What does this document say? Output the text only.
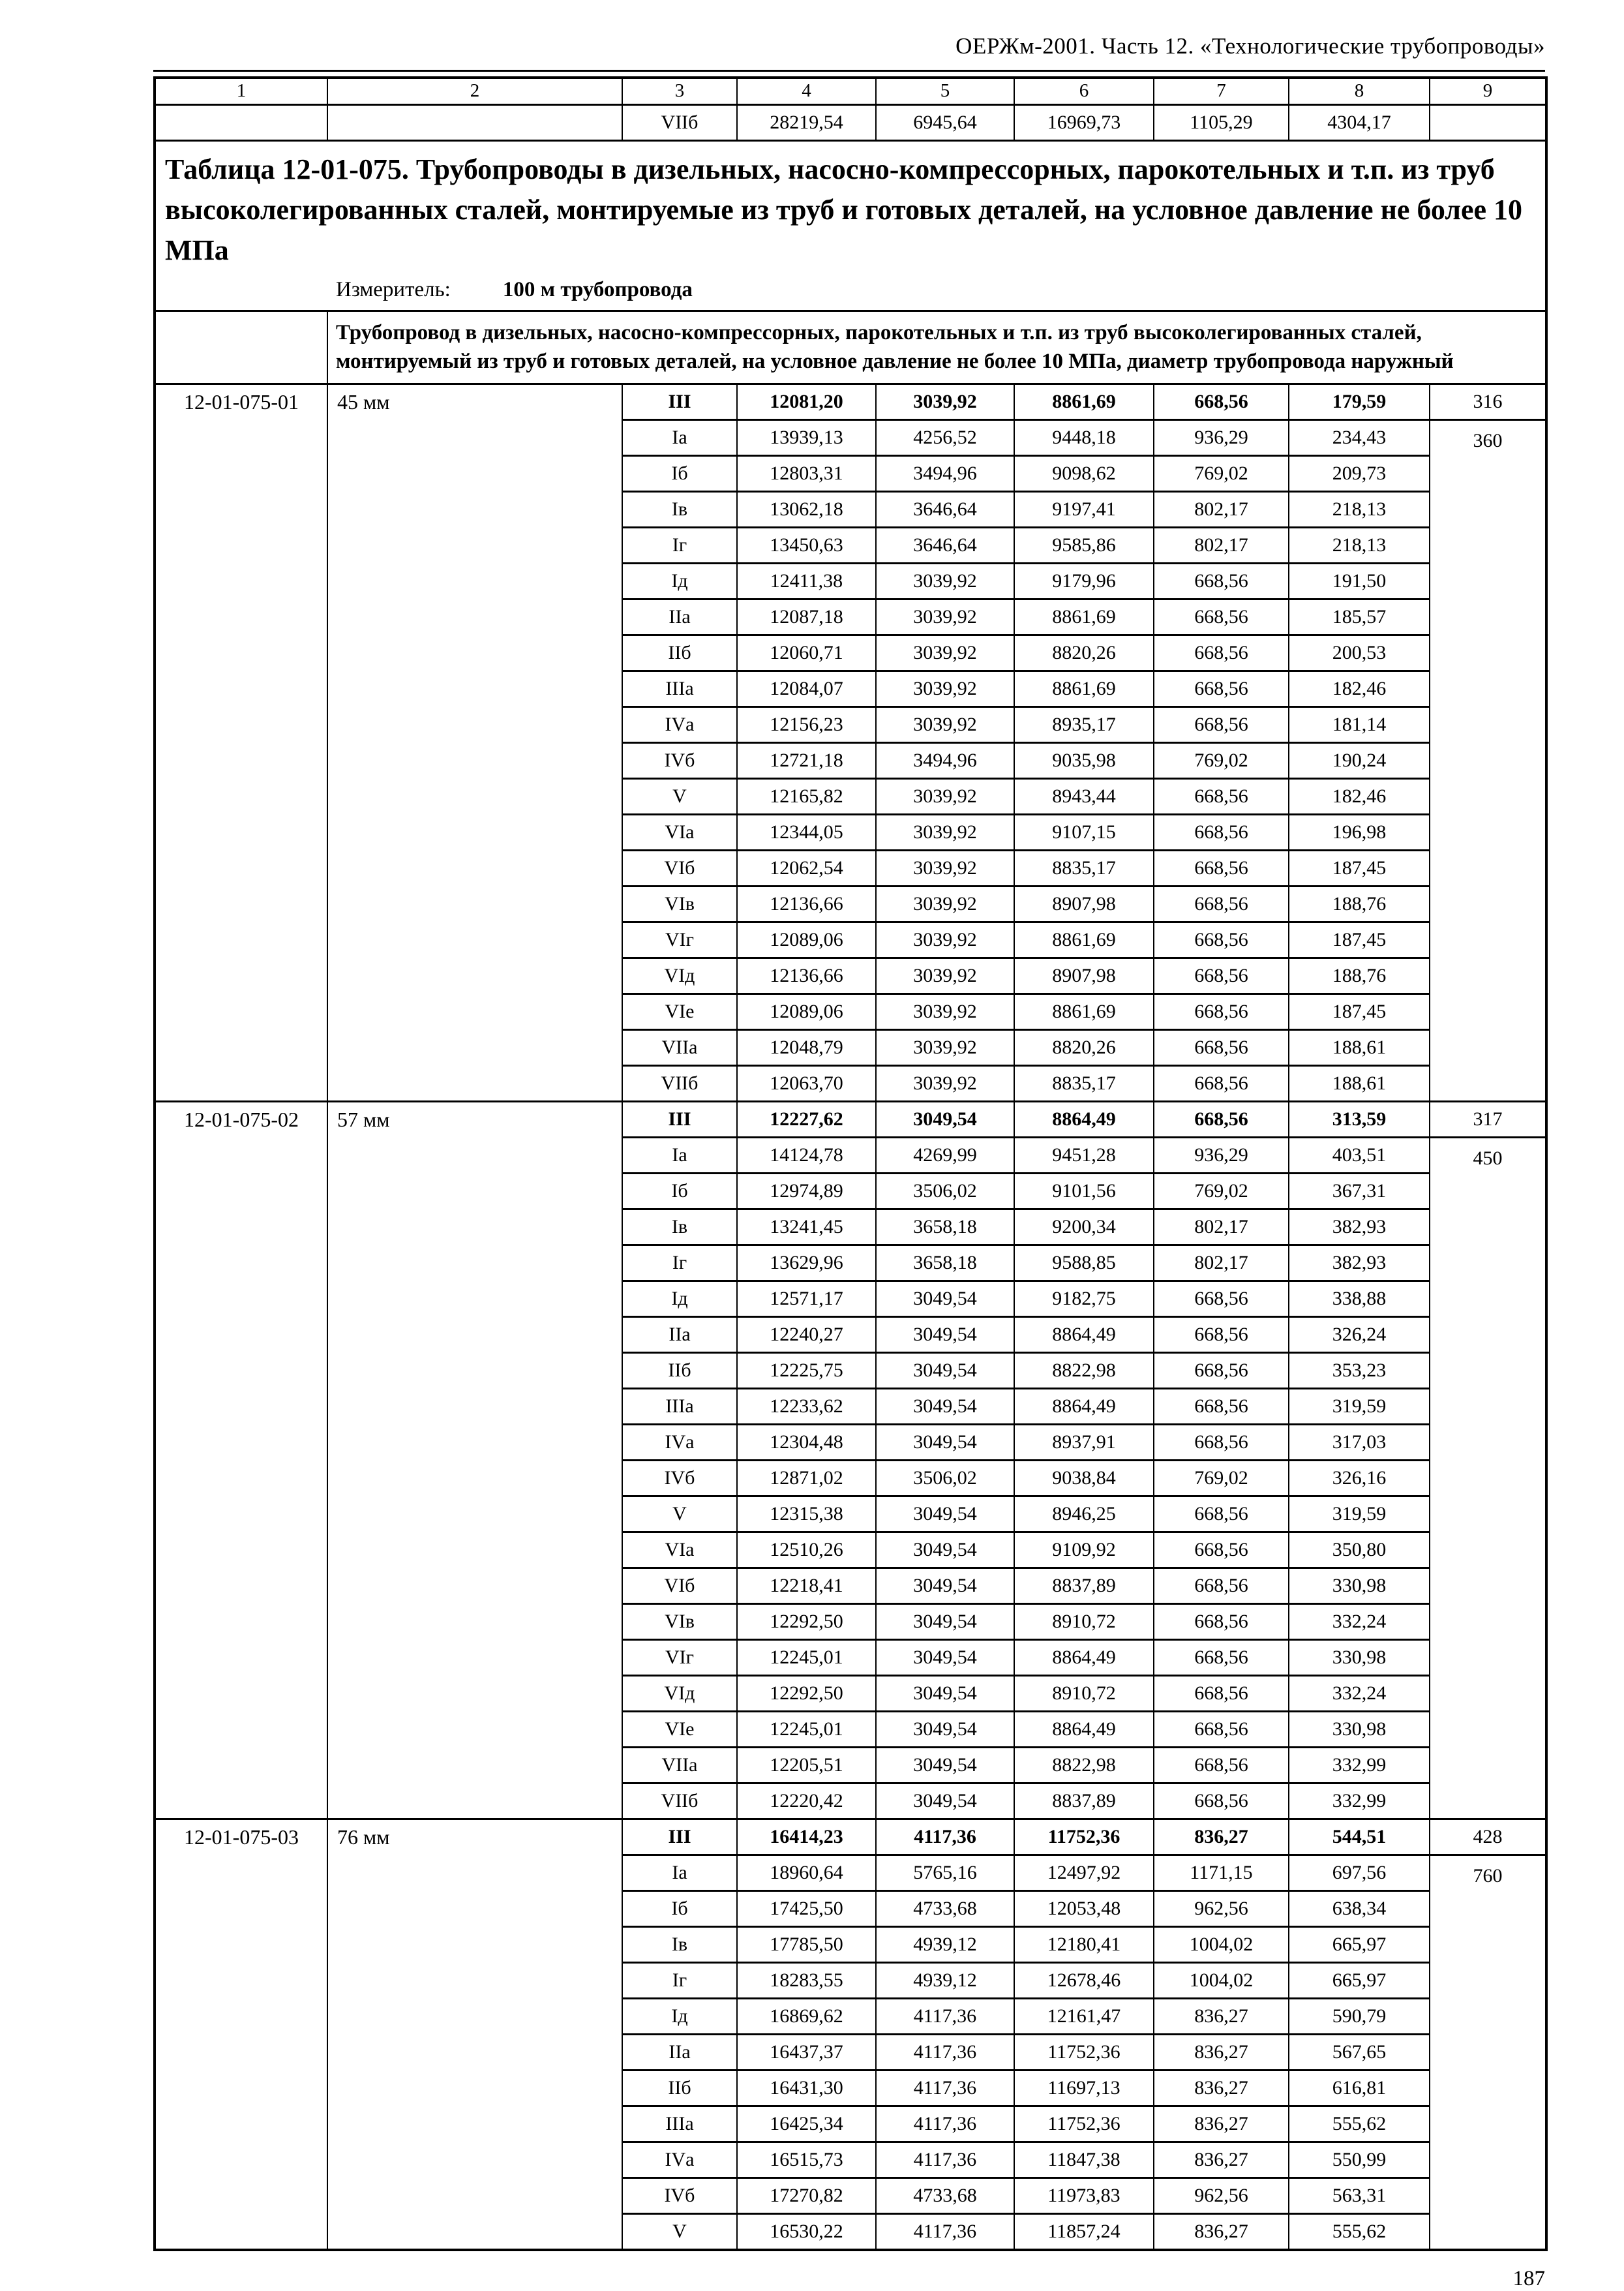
ОЕРЖм-2001. Часть 12. «Технологические трубопроводы»
1	2	3	4	5	6	7	8	9
		VIIб	28219,54	6945,64	16969,73	1105,29	4304,17	

Таблица 12-01-075. Трубопроводы в дизельных, насосно-компрессорных, парокотельных и т.п. из труб высоколегированных сталей, монтируемые из труб и готовых деталей, на условное давление не более 10 МПа
Измеритель: 100 м трубопровода								

	Трубопровод в дизельных, насосно-компрессорных, парокотельных и т.п. из труб высоколегированных сталей, монтируемый из труб и готовых деталей, на условное давление не более 10 МПа, диаметр трубопровода наружный							
12-01-075-01	45 мм	III	12081,20	3039,92	8861,69	668,56	179,59	316
		Iа	13939,13	4256,52	9448,18	936,29	234,43	360
		Iб	12803,31	3494,96	9098,62	769,02	209,73	
		Iв	13062,18	3646,64	9197,41	802,17	218,13	
		Iг	13450,63	3646,64	9585,86	802,17	218,13	
		Iд	12411,38	3039,92	9179,96	668,56	191,50	
		IIа	12087,18	3039,92	8861,69	668,56	185,57	
		IIб	12060,71	3039,92	8820,26	668,56	200,53	
		IIIа	12084,07	3039,92	8861,69	668,56	182,46	
		IVа	12156,23	3039,92	8935,17	668,56	181,14	
		IVб	12721,18	3494,96	9035,98	769,02	190,24	
		V	12165,82	3039,92	8943,44	668,56	182,46	
		VIа	12344,05	3039,92	9107,15	668,56	196,98	
		VIб	12062,54	3039,92	8835,17	668,56	187,45	
		VIв	12136,66	3039,92	8907,98	668,56	188,76	
		VIг	12089,06	3039,92	8861,69	668,56	187,45	
		VIд	12136,66	3039,92	8907,98	668,56	188,76	
		VIе	12089,06	3039,92	8861,69	668,56	187,45	
		VIIа	12048,79	3039,92	8820,26	668,56	188,61	
		VIIб	12063,70	3039,92	8835,17	668,56	188,61	
12-01-075-02	57 мм	III	12227,62	3049,54	8864,49	668,56	313,59	317
		Iа	14124,78	4269,99	9451,28	936,29	403,51	450
		Iб	12974,89	3506,02	9101,56	769,02	367,31	
		Iв	13241,45	3658,18	9200,34	802,17	382,93	
		Iг	13629,96	3658,18	9588,85	802,17	382,93	
		Iд	12571,17	3049,54	9182,75	668,56	338,88	
		IIа	12240,27	3049,54	8864,49	668,56	326,24	
		IIб	12225,75	3049,54	8822,98	668,56	353,23	
		IIIа	12233,62	3049,54	8864,49	668,56	319,59	
		IVа	12304,48	3049,54	8937,91	668,56	317,03	
		IVб	12871,02	3506,02	9038,84	769,02	326,16	
		V	12315,38	3049,54	8946,25	668,56	319,59	
		VIа	12510,26	3049,54	9109,92	668,56	350,80	
		VIб	12218,41	3049,54	8837,89	668,56	330,98	
		VIв	12292,50	3049,54	8910,72	668,56	332,24	
		VIг	12245,01	3049,54	8864,49	668,56	330,98	
		VIд	12292,50	3049,54	8910,72	668,56	332,24	
		VIе	12245,01	3049,54	8864,49	668,56	330,98	
		VIIа	12205,51	3049,54	8822,98	668,56	332,99	
		VIIб	12220,42	3049,54	8837,89	668,56	332,99	
12-01-075-03	76 мм	III	16414,23	4117,36	11752,36	836,27	544,51	428
		Iа	18960,64	5765,16	12497,92	1171,15	697,56	760
		Iб	17425,50	4733,68	12053,48	962,56	638,34	
		Iв	17785,50	4939,12	12180,41	1004,02	665,97	
		Iг	18283,55	4939,12	12678,46	1004,02	665,97	
		Iд	16869,62	4117,36	12161,47	836,27	590,79	
		IIа	16437,37	4117,36	11752,36	836,27	567,65	
		IIб	16431,30	4117,36	11697,13	836,27	616,81	
		IIIа	16425,34	4117,36	11752,36	836,27	555,62	
		IVа	16515,73	4117,36	11847,38	836,27	550,99	
		IVб	17270,82	4733,68	11973,83	962,56	563,31	
		V	16530,22	4117,36	11857,24	836,27	555,62	
187
